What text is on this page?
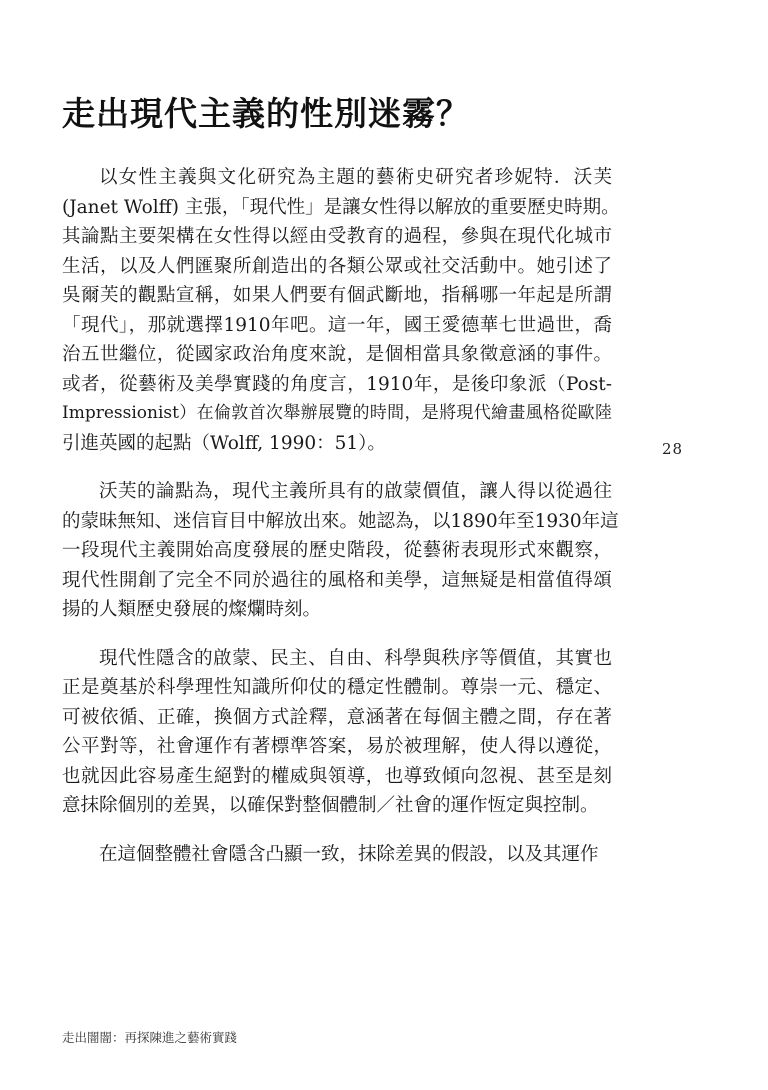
走出現代主義的性別迷霧？

以女性主義與文化研究為主題的藝術史研究者珍妮特．沃芙
(Janet Wolff) 主張，「現代性」是讓女性得以解放的重要歷史時期。
其論點主要架構在女性得以經由受教育的過程，參與在現代化城市
生活，以及人們匯聚所創造出的各類公眾或社交活動中。她引述了
吳爾芙的觀點宣稱，如果人們要有個武斷地，指稱哪一年起是所謂
「現代」，那就選擇1910年吧。這一年，國王愛德華七世過世，喬
治五世繼位，從國家政治角度來說，是個相當具象徵意涵的事件。
或者，從藝術及美學實踐的角度言，1910年，是後印象派（Post-
Impressionist）在倫敦首次舉辦展覽的時間，是將現代繪畫風格從歐陸
引進英國的起點（Wolff, 1990：51）。

沃芙的論點為，現代主義所具有的啟蒙價值，讓人得以從過往
的蒙昧無知、迷信盲目中解放出來。她認為，以1890年至1930年這
一段現代主義開始高度發展的歷史階段，從藝術表現形式來觀察，
現代性開創了完全不同於過往的風格和美學，這無疑是相當值得頌
揚的人類歷史發展的燦爛時刻。

現代性隱含的啟蒙、民主、自由、科學與秩序等價值，其實也
正是奠基於科學理性知識所仰仗的穩定性體制。尊崇一元、穩定、
可被依循、正確，換個方式詮釋，意涵著在每個主體之間，存在著
公平對等，社會運作有著標準答案，易於被理解，使人得以遵從，
也就因此容易產生絕對的權威與領導，也導致傾向忽視、甚至是刻
意抹除個別的差異，以確保對整個體制／社會的運作恆定與控制。

在這個整體社會隱含凸顯一致，抹除差異的假設，以及其運作

28
走出闇闇：再探陳進之藝術實踐
